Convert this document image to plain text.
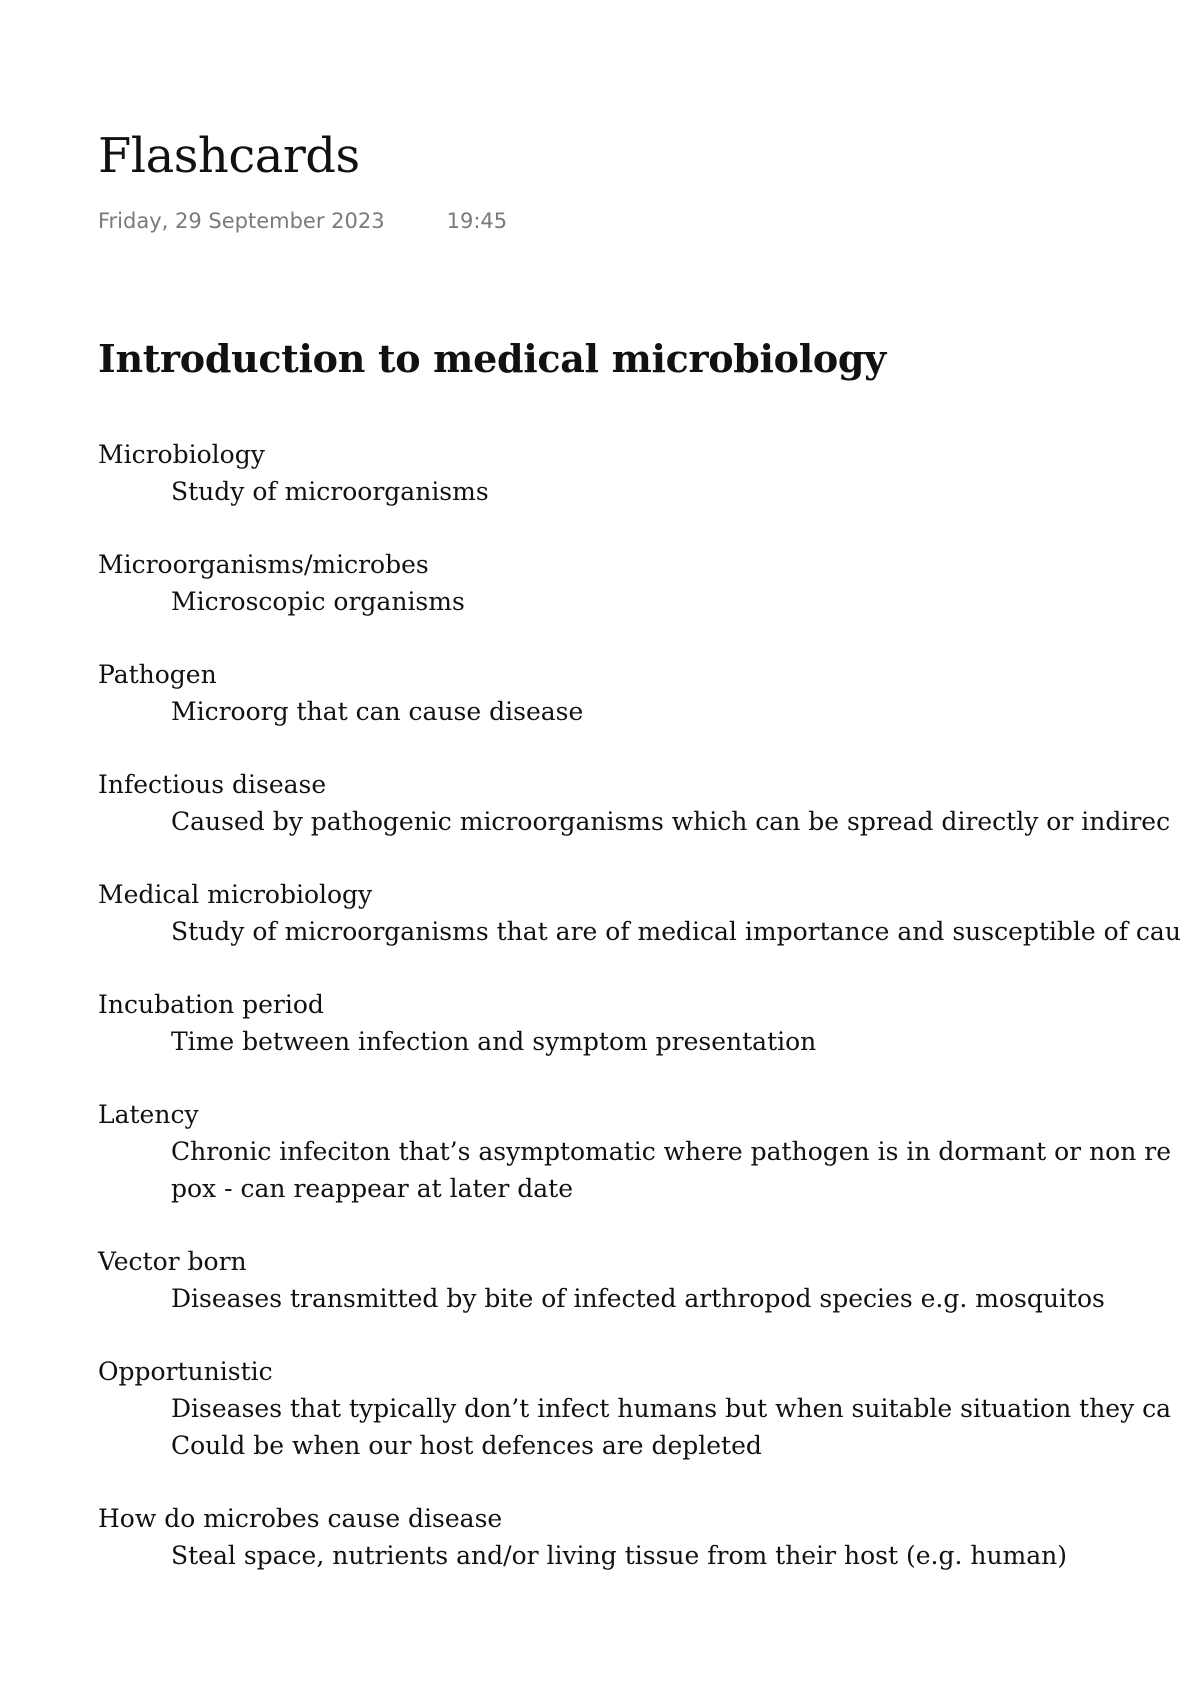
Flashcards
Friday, 29 September 2023	19:45
Introduction to medical microbiology
Microbiology
Study of microorganisms
Microorganisms/microbes
Microscopic organisms
Pathogen
Microorg that can cause disease
Infectious disease
Caused by pathogenic microorganisms which can be spread directly or indirec
Medical microbiology
Study of microorganisms that are of medical importance and susceptible of cau
Incubation period
Time between infection and symptom presentation
Latency
Chronic infeciton that’s asymptomatic where pathogen is in dormant or non re
pox - can reappear at later date
Vector born
Diseases transmitted by bite of infected arthropod species e.g. mosquitos
Opportunistic
Diseases that typically don’t infect humans but when suitable situation they ca
Could be when our host defences are depleted
How do microbes cause disease
Steal space, nutrients and/or living tissue from their host (e.g. human)
